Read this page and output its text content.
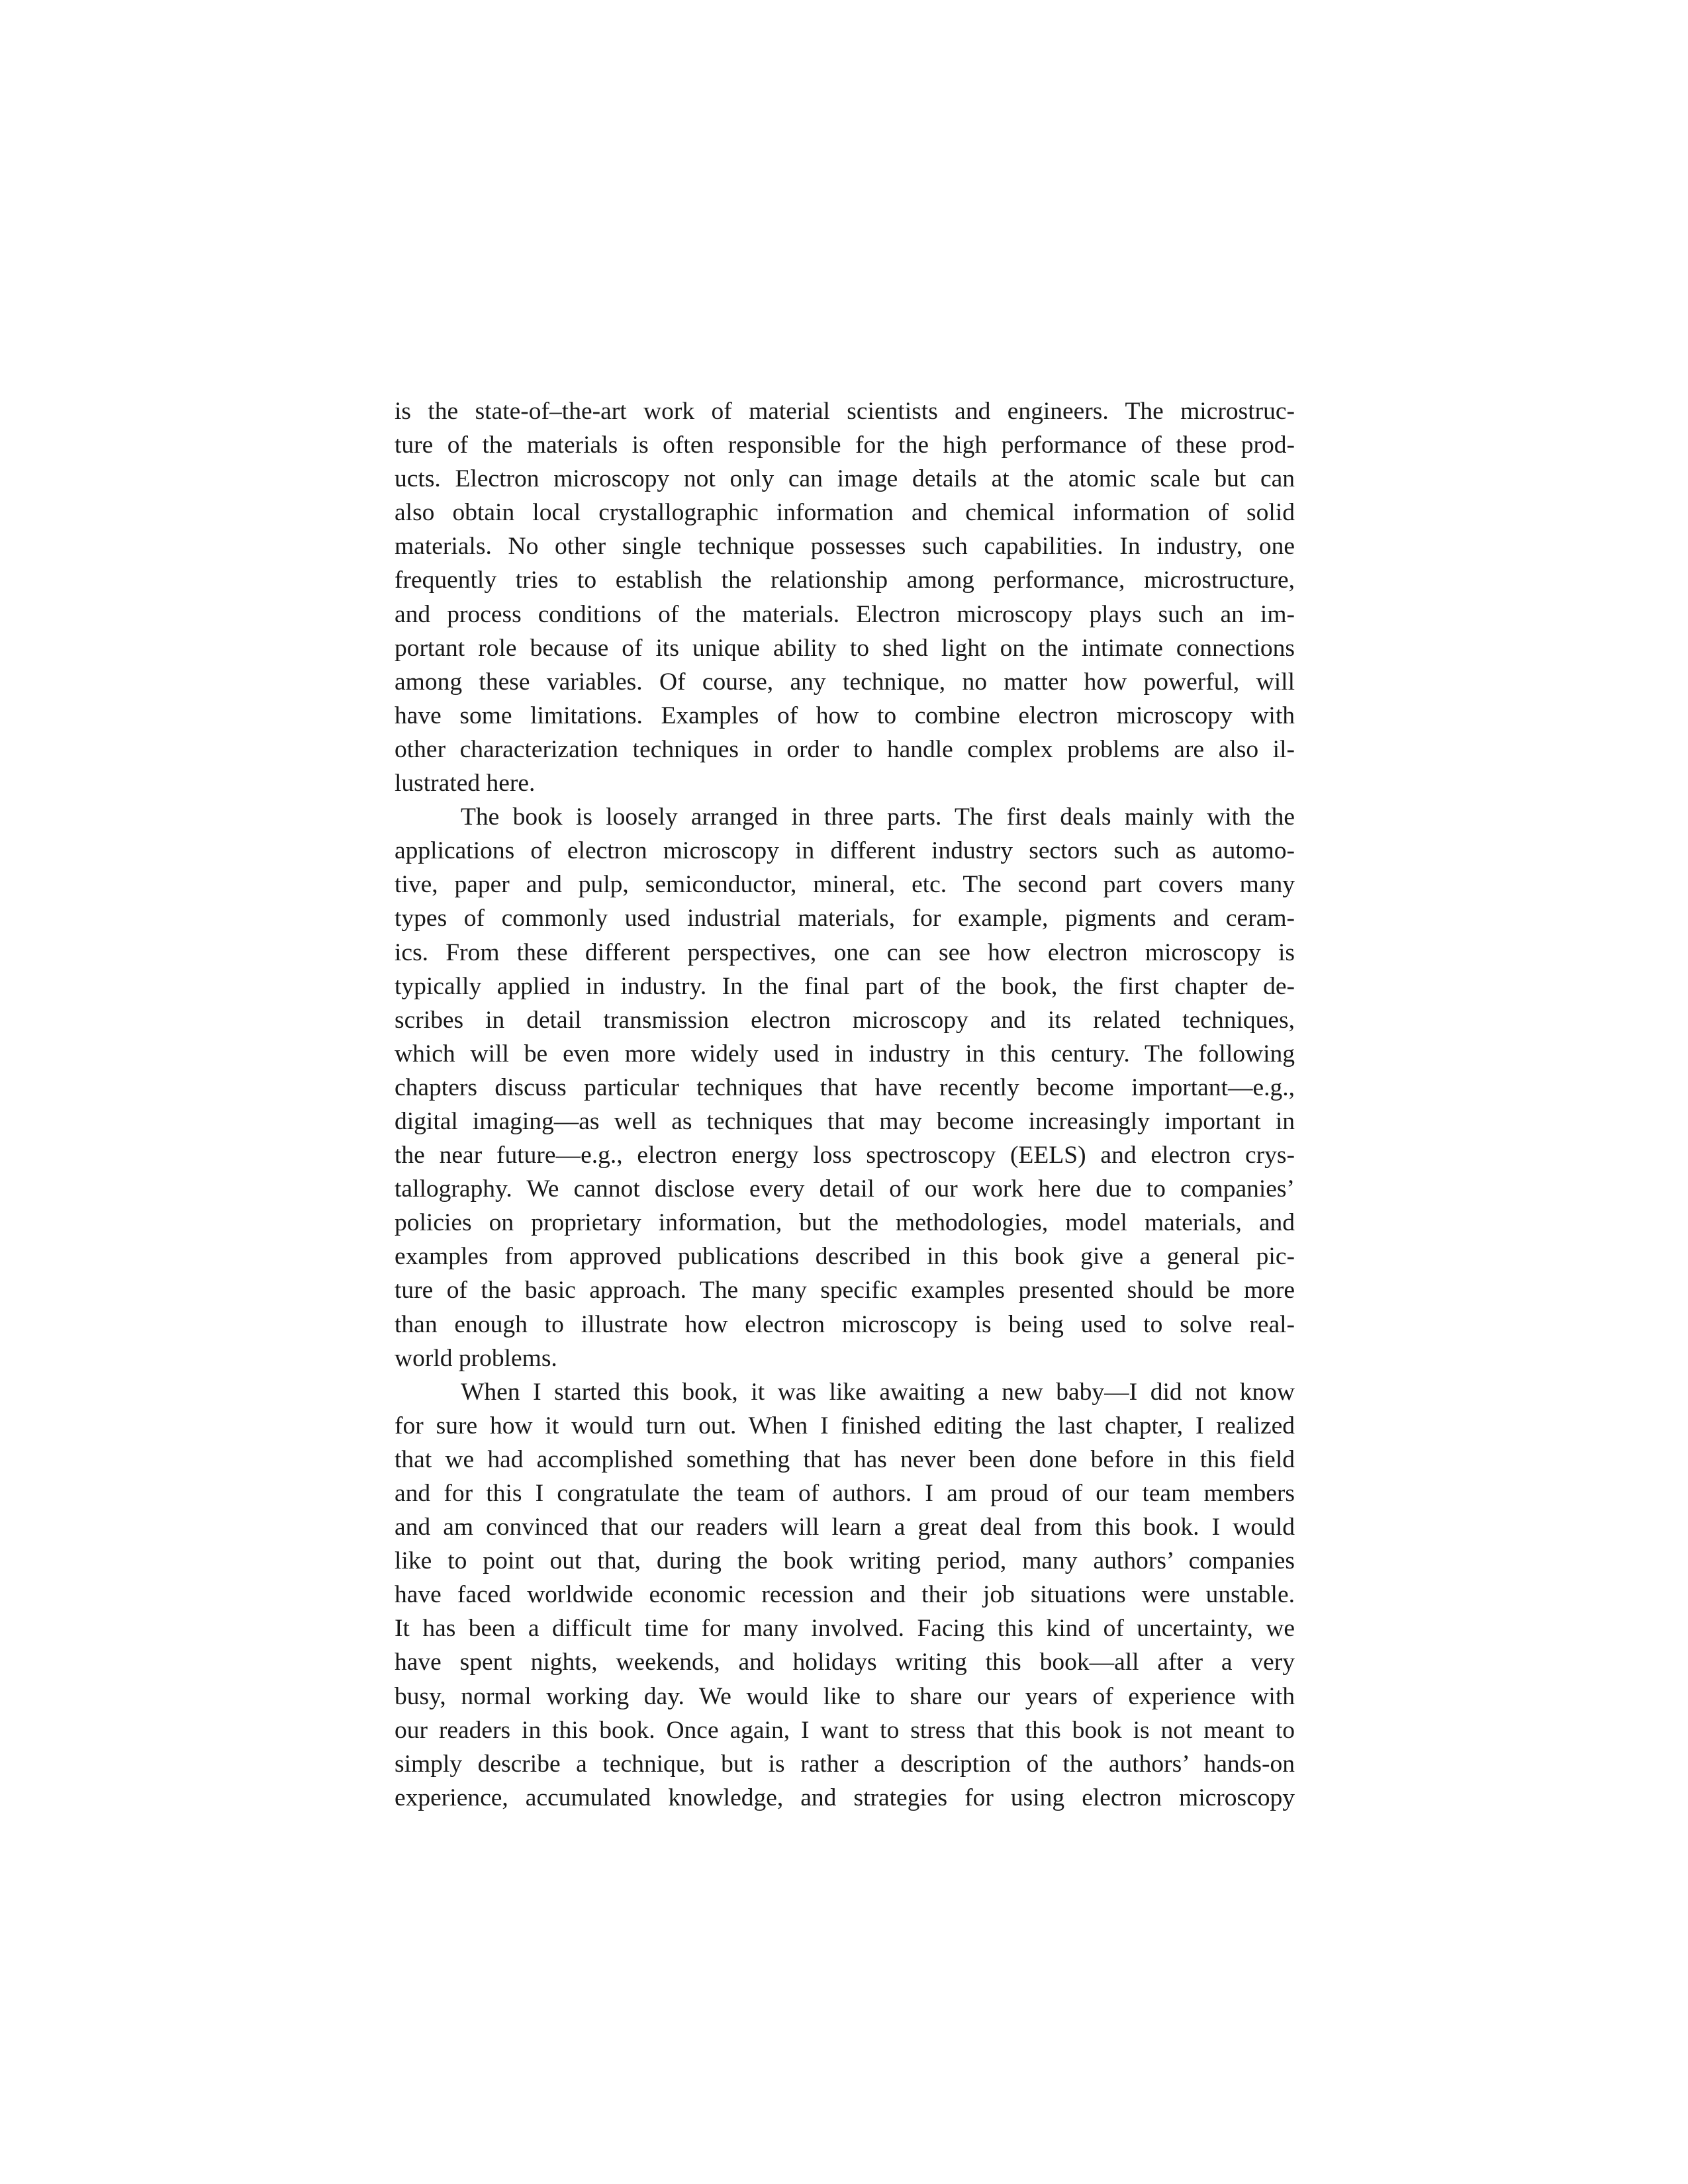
is the state-of–the-art work of material scientists and engineers. The microstruc-
ture of the materials is often responsible for the high performance of these prod-
ucts. Electron microscopy not only can image details at the atomic scale but can
also obtain local crystallographic information and chemical information of solid
materials. No other single technique possesses such capabilities. In industry, one
frequently tries to establish the relationship among performance, microstructure,
and process conditions of the materials. Electron microscopy plays such an im-
portant role because of its unique ability to shed light on the intimate connections
among these variables. Of course, any technique, no matter how powerful, will
have some limitations. Examples of how to combine electron microscopy with
other characterization techniques in order to handle complex problems are also il-
lustrated here.
The book is loosely arranged in three parts. The first deals mainly with the
applications of electron microscopy in different industry sectors such as automo-
tive, paper and pulp, semiconductor, mineral, etc. The second part covers many
types of commonly used industrial materials, for example, pigments and ceram-
ics. From these different perspectives, one can see how electron microscopy is
typically applied in industry. In the final part of the book, the first chapter de-
scribes in detail transmission electron microscopy and its related techniques,
which will be even more widely used in industry in this century. The following
chapters discuss particular techniques that have recently become important—e.g.,
digital imaging—as well as techniques that may become increasingly important in
the near future—e.g., electron energy loss spectroscopy (EELS) and electron crys-
tallography. We cannot disclose every detail of our work here due to companies’
policies on proprietary information, but the methodologies, model materials, and
examples from approved publications described in this book give a general pic-
ture of the basic approach. The many specific examples presented should be more
than enough to illustrate how electron microscopy is being used to solve real-
world problems.
When I started this book, it was like awaiting a new baby—I did not know
for sure how it would turn out. When I finished editing the last chapter, I realized
that we had accomplished something that has never been done before in this field
and for this I congratulate the team of authors. I am proud of our team members
and am convinced that our readers will learn a great deal from this book. I would
like to point out that, during the book writing period, many authors’ companies
have faced worldwide economic recession and their job situations were unstable.
It has been a difficult time for many involved. Facing this kind of uncertainty, we
have spent nights, weekends, and holidays writing this book—all after a very
busy, normal working day. We would like to share our years of experience with
our readers in this book. Once again, I want to stress that this book is not meant to
simply describe a technique, but is rather a description of the authors’ hands-on
experience, accumulated knowledge, and strategies for using electron microscopy
